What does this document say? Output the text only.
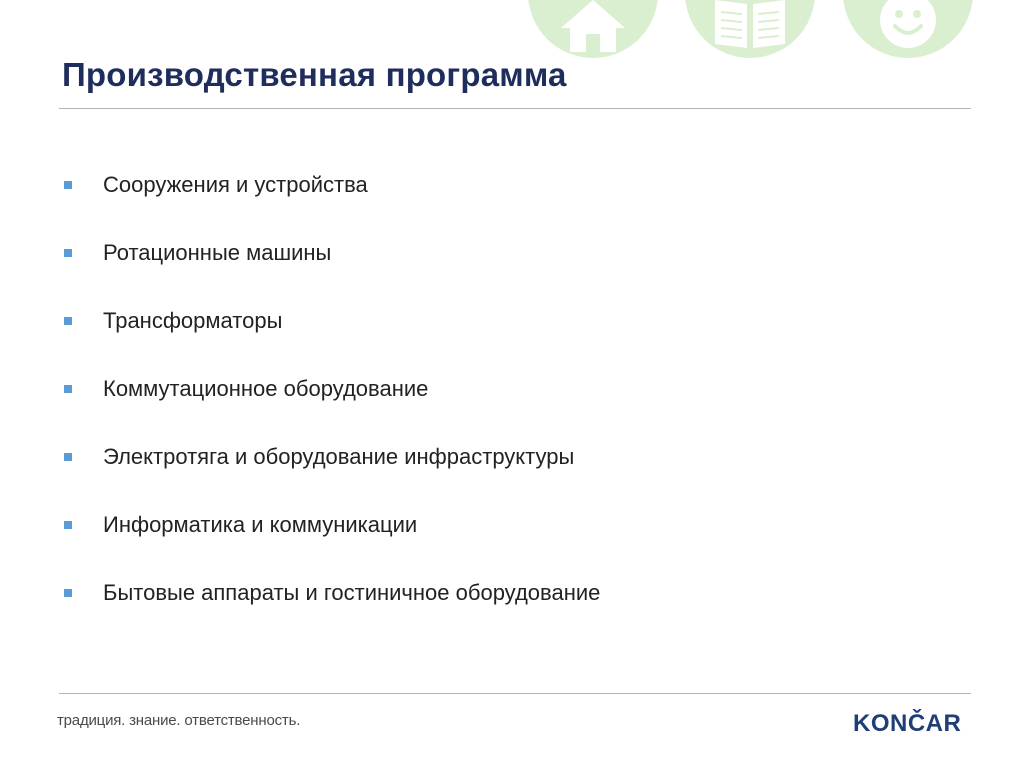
Производственная программа
Сооружения и устройства
Ротационные машины
Трансформаторы
Коммутационное оборудование
Электротяга и оборудование инфраструктуры
Информатика и коммуникации
Бытовые аппараты и гостиничное оборудование
традиция. знание. ответственность.	KONČAR
